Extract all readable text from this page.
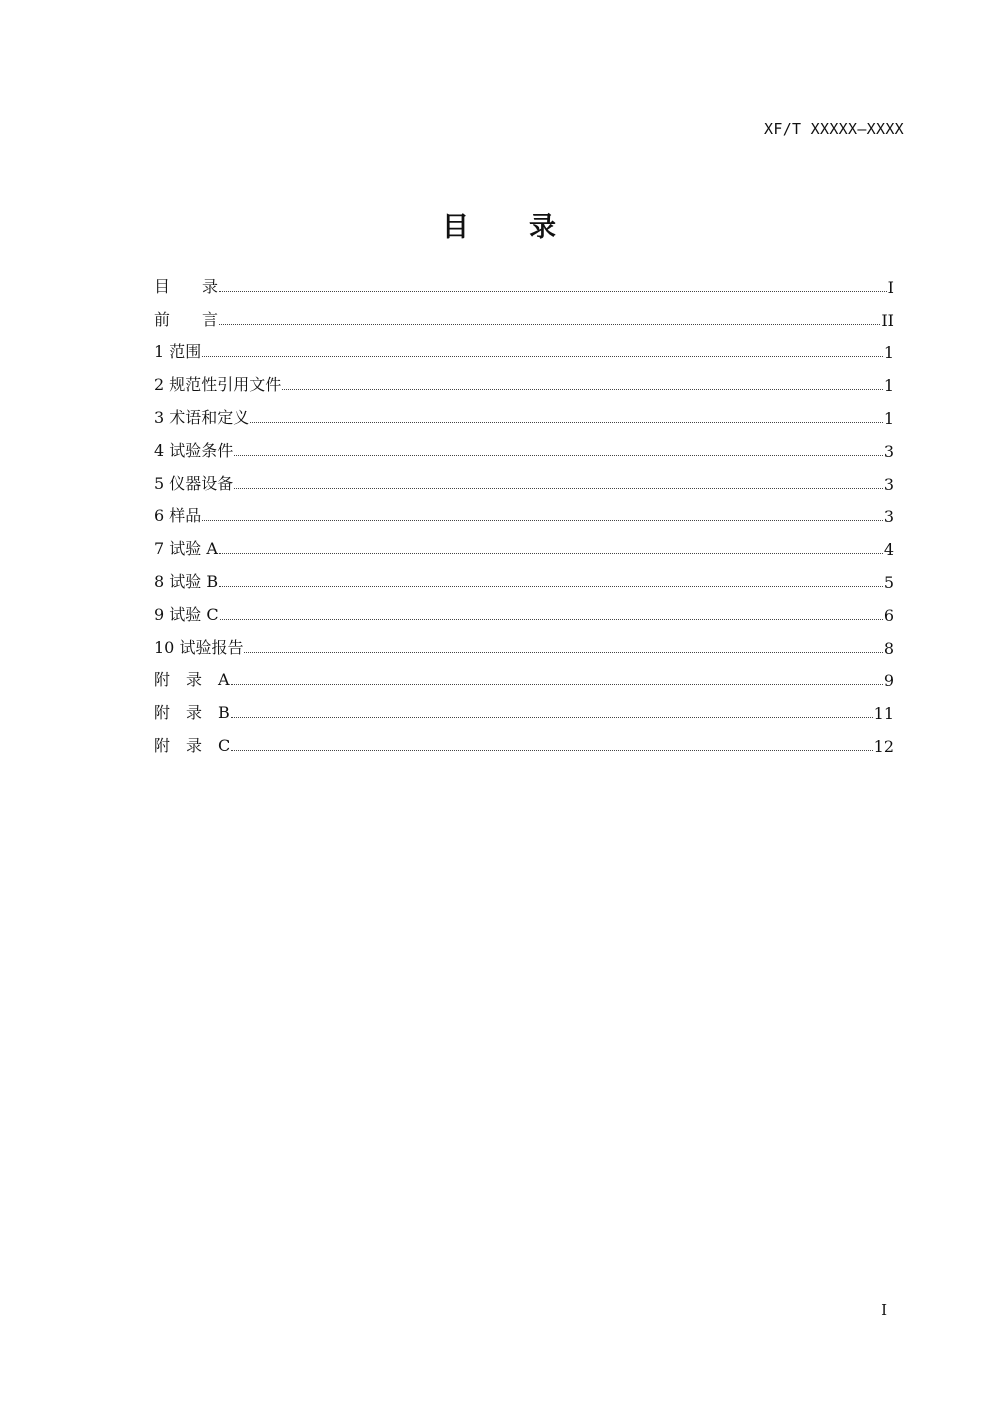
XF/T XXXXX—XXXX
目 录
目　　录	I
前　　言	II
1 范围	1
2 规范性引用文件	1
3 术语和定义	1
4 试验条件	3
5 仪器设备	3
6 样品	3
7 试验 A	4
8 试验 B	5
9 试验 C	6
10 试验报告	8
附　录　A	9
附　录　B	11
附　录　C	12
I
